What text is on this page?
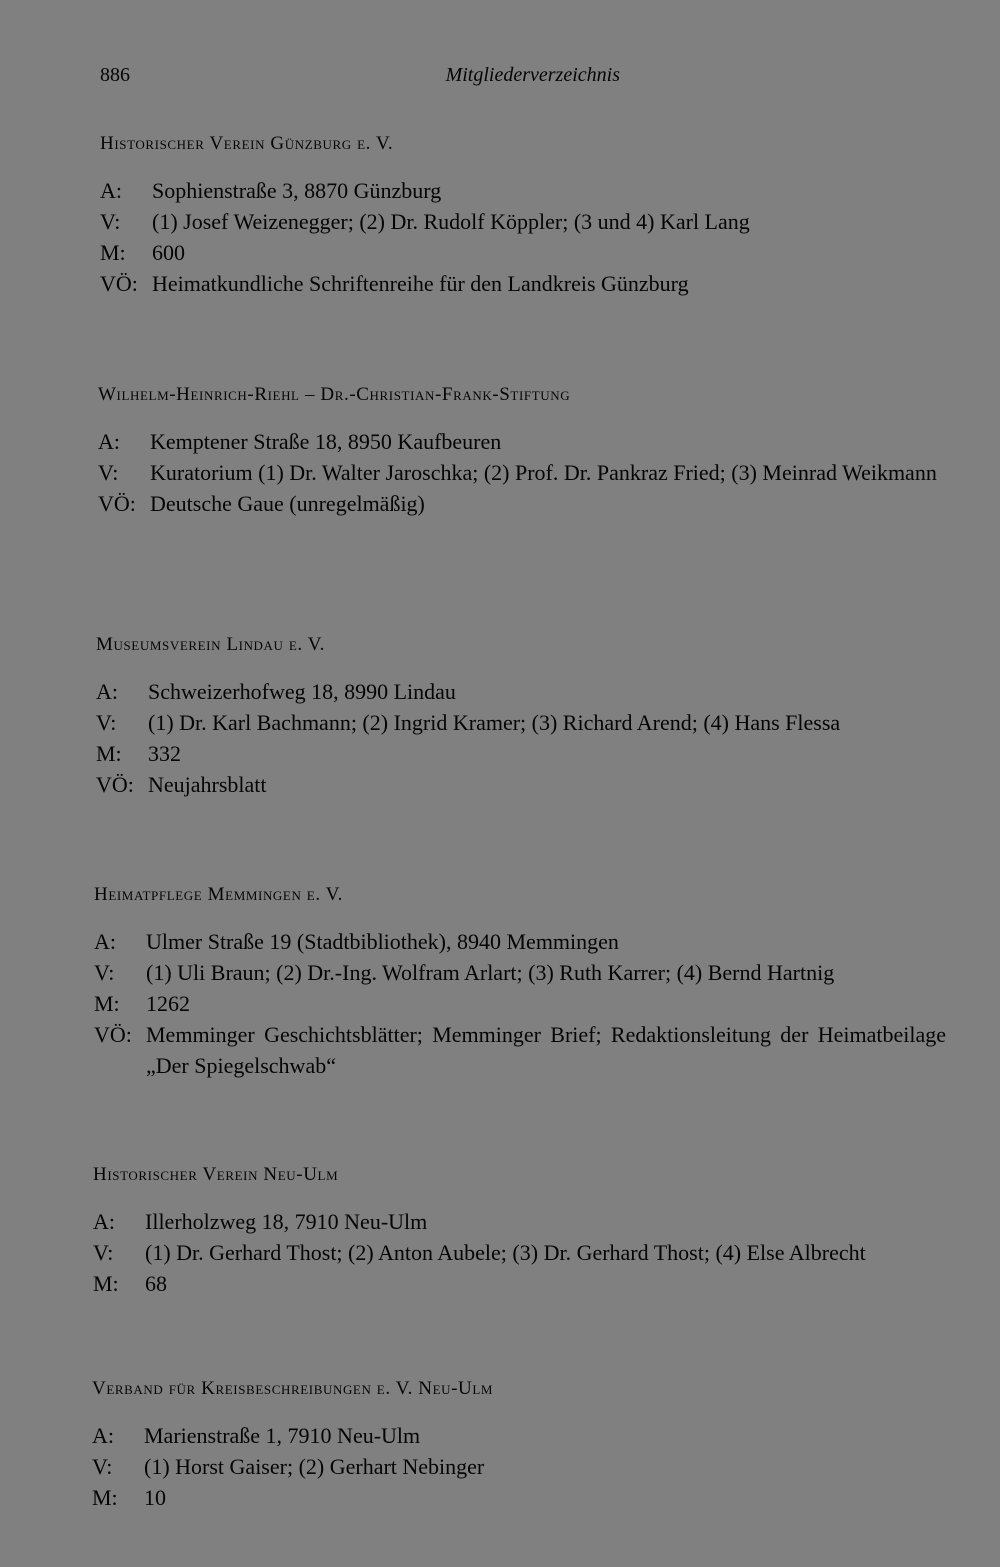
886	Mitgliederverzeichnis
Historischer Verein Günzburg e. V.
A: Sophienstraße 3, 8870 Günzburg
V: (1) Josef Weizenegger; (2) Dr. Rudolf Köppler; (3 und 4) Karl Lang
M: 600
VÖ: Heimatkundliche Schriftenreihe für den Landkreis Günzburg
Wilhelm-Heinrich-Riehl – Dr.-Christian-Frank-Stiftung
A: Kemptener Straße 18, 8950 Kaufbeuren
V: Kuratorium (1) Dr. Walter Jaroschka; (2) Prof. Dr. Pankraz Fried; (3) Meinrad Weikmann
VÖ: Deutsche Gaue (unregelmäßig)
Museumsverein Lindau e. V.
A: Schweizerhofweg 18, 8990 Lindau
V: (1) Dr. Karl Bachmann; (2) Ingrid Kramer; (3) Richard Arend; (4) Hans Flessa
M: 332
VÖ: Neujahrsblatt
Heimatpflege Memmingen e. V.
A: Ulmer Straße 19 (Stadtbibliothek), 8940 Memmingen
V: (1) Uli Braun; (2) Dr.-Ing. Wolfram Arlart; (3) Ruth Karrer; (4) Bernd Hartnig
M: 1262
VÖ: Memminger Geschichtsblätter; Memminger Brief; Redaktionsleitung der Heimatbeilage „Der Spiegelschwab“
Historischer Verein Neu-Ulm
A: Illerholzweg 18, 7910 Neu-Ulm
V: (1) Dr. Gerhard Thost; (2) Anton Aubele; (3) Dr. Gerhard Thost; (4) Else Albrecht
M: 68
Verband für Kreisbeschreibungen e. V. Neu-Ulm
A: Marienstraße 1, 7910 Neu-Ulm
V: (1) Horst Gaiser; (2) Gerhart Nebinger
M: 10
